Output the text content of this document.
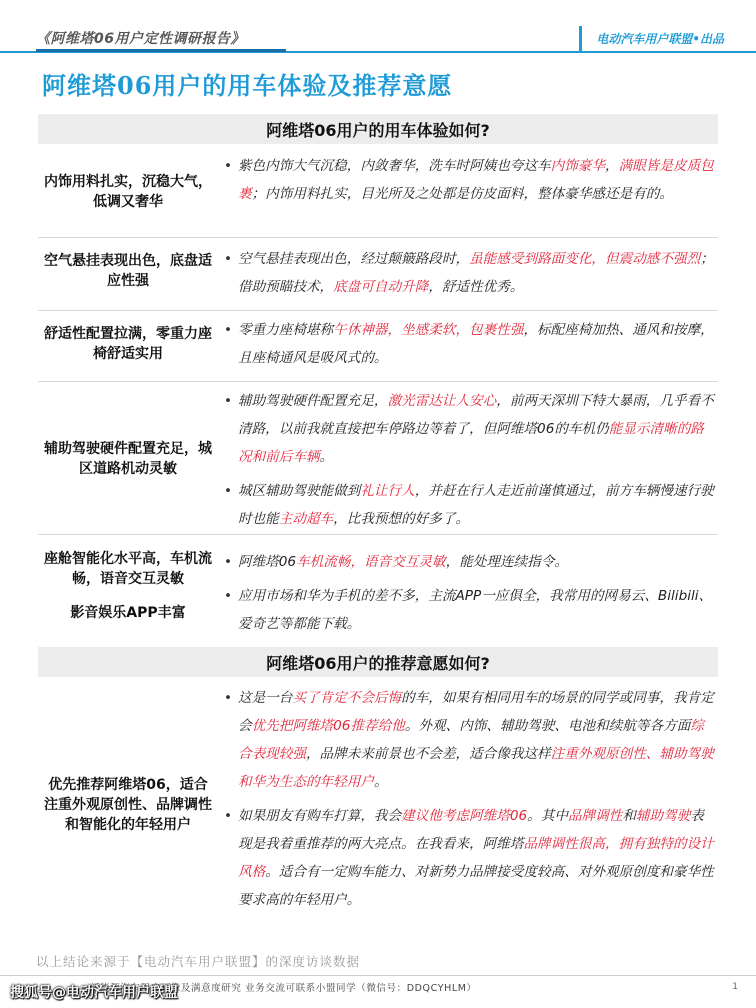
《阿维塔06用户定性调研报告》	电动汽车用户联盟•出品
阿维塔06用户的用车体验及推荐意愿
阿维塔06用户的用车体验如何?
内饰用料扎实，沉稳大气，低调又奢华
• 紫色内饰大气沉稳，内敛奢华，洗车时阿姨也夸这车内饰豪华，满眼皆是皮质包裹；内饰用料扎实，目光所及之处都是仿皮面料，整体豪华感还是有的。
空气悬挂表现出色，底盘适应性强
• 空气悬挂表现出色，经过颠簸路段时，虽能感受到路面变化，但震动感不强烈；借助预瞄技术，底盘可自动升降，舒适性优秀。
舒适性配置拉满，零重力座椅舒适实用
• 零重力座椅堪称午休神器，坐感柔软，包裹性强，标配座椅加热、通风和按摩，且座椅通风是吸风式的。
辅助驾驶硬件配置充足，城区道路机动灵敏
• 辅助驾驶硬件配置充足，激光雷达让人安心，前两天深圳下特大暴雨，几乎看不清路，以前我就直接把车停路边等着了，但阿维塔06的车机仍能显示清晰的路况和前后车辆。
• 城区辅助驾驶能做到礼让行人，并赶在行人走近前谨慎通过，前方车辆慢速行驶时也能主动超车，比我预想的好多了。
座舱智能化水平高，车机流畅，语音交互灵敏
影音娱乐APP丰富
• 阿维塔06车机流畅，语音交互灵敏，能处理连续指令。
• 应用市场和华为手机的差不多，主流APP一应俱全，我常用的网易云、Bilibili、爱奇艺等都能下载。
阿维塔06用户的推荐意愿如何?
优先推荐阿维塔06，适合注重外观原创性、品牌调性和智能化的年轻用户
• 这是一台买了肯定不会后悔的车，如果有相同用车的场景的同学或同事，我肯定会优先把阿维塔06推荐给他。外观、内饰、辅助驾驶、电池和续航等各方面综合表现较强，品牌未来前景也不会差，适合像我这样注重外观原创性、辅助驾驶和华为生态的年轻用户。
• 如果朋友有购车打算，我会建议他考虑阿维塔06。其中品牌调性和辅助驾驶表现是我着重推荐的两大亮点。在我看来，阿维塔品牌调性很高，拥有独特的设计风格。适合有一定购车能力、对新势力品牌接受度较高、对外观原创度和豪华性要求高的年轻用户。
以上结论来源于【电动汽车用户联盟】的深度访谈数据
新能源汽车用户画像及满意度研究 业务交流可联系小盟同学（微信号：DDQCYHLM）
搜狐号@电动汽车用户联盟	1
